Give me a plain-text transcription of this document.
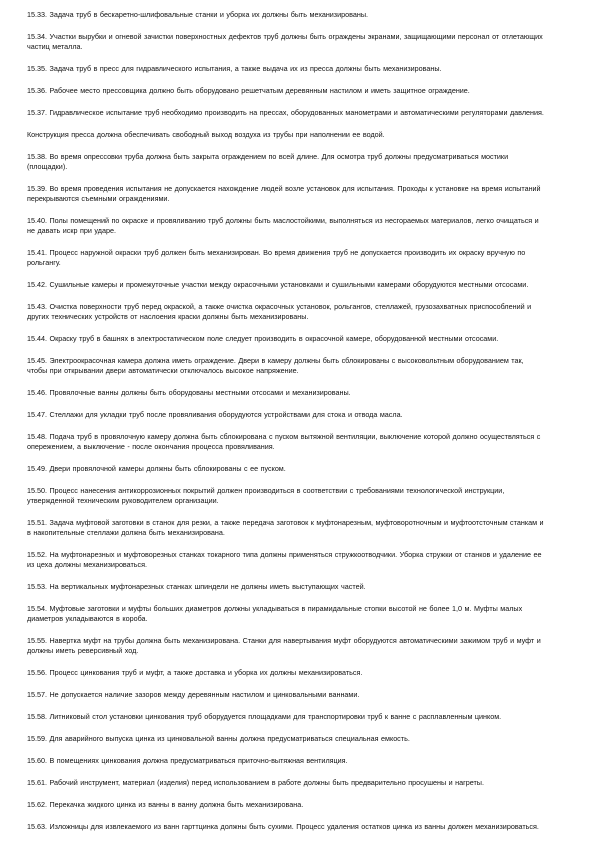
15.33. Задача труб в бескаретно-шлифовальные станки и уборка их должны быть механизированы.

15.34. Участки вырубки и огневой зачистки поверхностных дефектов труб должны быть ограждены экранами, защищающими персонал от отлетающих частиц металла.

15.35. Задача труб в пресс для гидравлического испытания, а также выдача их из пресса должны быть механизированы.

15.36. Рабочее место прессовщика должно быть оборудовано решетчатым деревянным настилом и иметь защитное ограждение.

15.37. Гидравлическое испытание труб необходимо производить на прессах, оборудованных манометрами и автоматическими регуляторами давления.

Конструкция пресса должна обеспечивать свободный выход воздуха из трубы при наполнении ее водой.

15.38. Во время опрессовки труба должна быть закрыта ограждением по всей длине. Для осмотра труб должны предусматриваться мостики (площадки).

15.39. Во время проведения испытания не допускается нахождение людей возле установок для испытания. Проходы к установке на время испытаний перекрываются съемными ограждениями.

15.40. Полы помещений по окраске и провяливанию труб должны быть маслостойкими, выполняться из несгораемых материалов, легко очищаться и не давать искр при ударе.

15.41. Процесс наружной окраски труб должен быть механизирован. Во время движения труб не допускается производить их окраску вручную по рольгангу.

15.42. Сушильные камеры и промежуточные участки между окрасочными установками и сушильными камерами оборудуются местными отсосами.

15.43. Очистка поверхности труб перед окраской, а также очистка окрасочных установок, рольгангов, стеллажей, грузозахватных приспособлений и других технических устройств от наслоения краски должны быть механизированы.

15.44. Окраску труб в башнях в электростатическом поле следует производить в окрасочной камере, оборудованной местными отсосами.

15.45. Электроокрасочная камера должна иметь ограждение. Двери в камеру должны быть сблокированы с высоковольтным оборудованием так, чтобы при открывании двери автоматически отключалось высокое напряжение.

15.46. Провялочные ванны должны быть оборудованы местными отсосами и механизированы.

15.47. Стеллажи для укладки труб после провяливания оборудуются устройствами для стока и отвода масла.

15.48. Подача труб в провялочную камеру должна быть сблокирована с пуском вытяжной вентиляции, выключение которой должно осуществляться с опережением, а выключение - после окончания процесса провяливания.

15.49. Двери провялочной камеры должны быть сблокированы с ее пуском.

15.50. Процесс нанесения антикоррозионных покрытий должен производиться в соответствии с требованиями технологической инструкции, утвержденной техническим руководителем организации.

15.51. Задача муфтовой заготовки в станок для резки, а также передача заготовок к муфтонарезным, муфтоворотночным и муфтоотсточным станкам и в накопительные стеллажи должна быть механизирована.

15.52. На муфтонарезных и муфтоворезных станках токарного типа должны применяться стружкоотводчики. Уборка стружки от станков и удаление ее из цеха должны механизироваться.

15.53. На вертикальных муфтонарезных станках шпиндели не должны иметь выступающих частей.

15.54. Муфтовые заготовки и муфты больших диаметров должны укладываться в пирамидальные стопки высотой не более 1,0 м. Муфты малых диаметров укладываются в короба.

15.55. Навертка муфт на трубы должна быть механизирована. Станки для навертывания муфт оборудуются автоматическими зажимом труб и муфт и должны иметь реверсивный ход.

15.56. Процесс цинкования труб и муфт, а также доставка и уборка их должны механизироваться.

15.57. Не допускается наличие зазоров между деревянным настилом и цинковальными ваннами.

15.58. Литниковый стол установки цинкования труб оборудуется площадками для транспортировки труб к ванне с расплавленным цинком.

15.59. Для аварийного выпуска цинка из цинковальной ванны должна предусматриваться специальная емкость.

15.60. В помещениях цинкования должна предусматриваться приточно-вытяжная вентиляция.

15.61. Рабочий инструмент, материал (изделия) перед использованием в работе должны быть предварительно просушены и нагреты.

15.62. Перекачка жидкого цинка из ванны в ванну должна быть механизирована.

15.63. Изложницы для извлекаемого из ванн гарттцинка должны быть сухими. Процесс удаления остатков цинка из ванны должен механизироваться.
